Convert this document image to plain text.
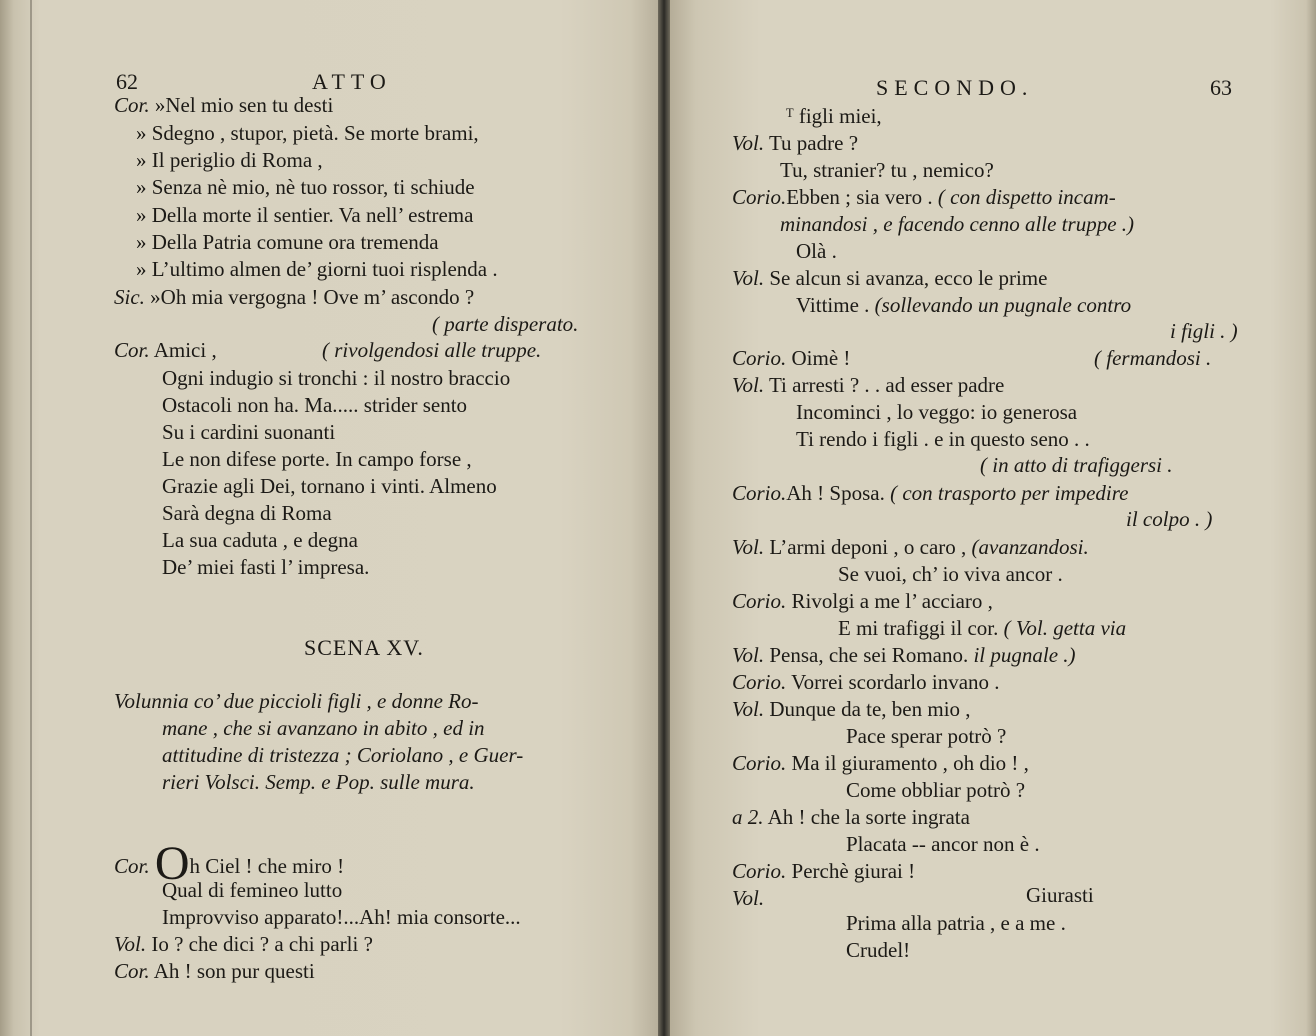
62	ATTO
Cor. »Nel mio sen tu desti
» Sdegno , stupor, pietà. Se morte brami,
» Il periglio di Roma ,
» Senza nè mio, nè tuo rossor, ti schiude
» Della morte il sentier. Va nell’ estrema
» Della Patria comune ora tremenda
» L’ultimo almen de’ giorni tuoi risplenda .
Sic. »Oh mia vergogna ! Ove m’ ascondo ?
( parte disperato.
Cor. Amici ,	( rivolgendosi alle truppe.
Ogni indugio si tronchi : il nostro braccio
Ostacoli non ha. Ma..... strider sento
Su i cardini suonanti
Le non difese porte. In campo forse ,
Grazie agli Dei, tornano i vinti. Almeno
Sarà degna di Roma
La sua caduta , e degna
De’ miei fasti l’ impresa.
SCENA XV.
Volunnia co’ due piccioli figli , e donne Ro-
mane , che si avanzano in abito , ed in
attitudine di tristezza ; Coriolano , e Guer-
rieri Volsci. Semp. e Pop. sulle mura.
Cor. Oh Ciel ! che miro !
Qual di femineo lutto
Improvviso apparato!...Ah! mia consorte...
Vol. Io ? che dici ? a chi parli ?
Cor. Ah ! son pur questi
SECONDO.	63
ᵀ figli miei,
Vol. Tu padre ?
Tu, stranier? tu , nemico?
Corio.Ebben ; sia vero . ( con dispetto incam-
minandosi , e facendo cenno alle truppe .)
Olà .
Vol. Se alcun si avanza, ecco le prime
Vittime . (sollevando un pugnale contro
i figli . )
Corio. Oimè !	( fermandosi .
Vol. Ti arresti ? . . ad esser padre
Incominci , lo veggo: io generosa
Ti rendo i figli . e in questo seno . .
( in atto di trafiggersi .
Corio.Ah ! Sposa. ( con trasporto per impedire
il colpo . )
Vol. L’armi deponi , o caro , (avanzandosi.
Se vuoi, ch’ io viva ancor .
Corio. Rivolgi a me l’ acciaro ,
E mi trafiggi il cor. ( Vol. getta via
Vol. Pensa, che sei Romano. il pugnale .)
Corio. Vorrei scordarlo invano .
Vol. Dunque da te, ben mio ,
Pace sperar potrò ?
Corio. Ma il giuramento , oh dio ! ,
Come obbliar potrò ?
a 2. Ah ! che la sorte ingrata
Placata -- ancor non è .
Corio. Perchè giurai !
Vol.	Giurasti
Prima alla patria , e a me .
Crudel!
